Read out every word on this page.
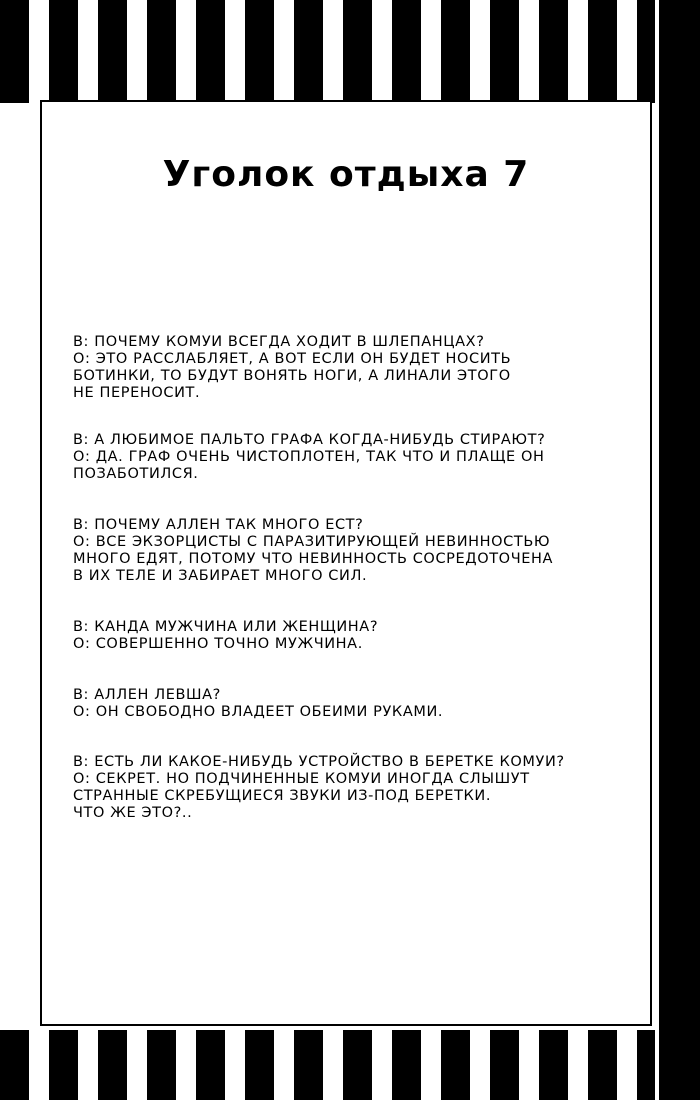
Уголок отдыха 7
В: ПОЧЕМУ КОМУИ ВСЕГДА ХОДИТ В ШЛЕПАНЦАХ?
О: ЭТО РАССЛАБЛЯЕТ, А ВОТ ЕСЛИ ОН БУДЕТ НОСИТЬ
БОТИНКИ, ТО БУДУТ ВОНЯТЬ НОГИ, А ЛИНАЛИ ЭТОГО
НЕ ПЕРЕНОСИТ.
В: А ЛЮБИМОЕ ПАЛЬТО ГРАФА КОГДА-НИБУДЬ СТИРАЮТ?
О: ДА. ГРАФ ОЧЕНЬ ЧИСТОПЛОТЕН, ТАК ЧТО И ПЛАЩЕ ОН
ПОЗАБОТИЛСЯ.
В: ПОЧЕМУ АЛЛЕН ТАК МНОГО ЕСТ?
О: ВСЕ ЭКЗОРЦИСТЫ С ПАРАЗИТИРУЮЩЕЙ НЕВИННОСТЬЮ
МНОГО ЕДЯТ, ПОТОМУ ЧТО НЕВИННОСТЬ СОСРЕДОТОЧЕНА
В ИХ ТЕЛЕ И ЗАБИРАЕТ МНОГО СИЛ.
В: КАНДА МУЖЧИНА ИЛИ ЖЕНЩИНА?
О: СОВЕРШЕННО ТОЧНО МУЖЧИНА.
В: АЛЛЕН ЛЕВША?
О: ОН СВОБОДНО ВЛАДЕЕТ ОБЕИМИ РУКАМИ.
В: ЕСТЬ ЛИ КАКОЕ-НИБУДЬ УСТРОЙСТВО В БЕРЕТКЕ КОМУИ?
О: СЕКРЕТ. НО ПОДЧИНЕННЫЕ КОМУИ ИНОГДА СЛЫШУТ
СТРАННЫЕ СКРЕБУЩИЕСЯ ЗВУКИ ИЗ-ПОД БЕРЕТКИ.
ЧТО ЖЕ ЭТО?..
